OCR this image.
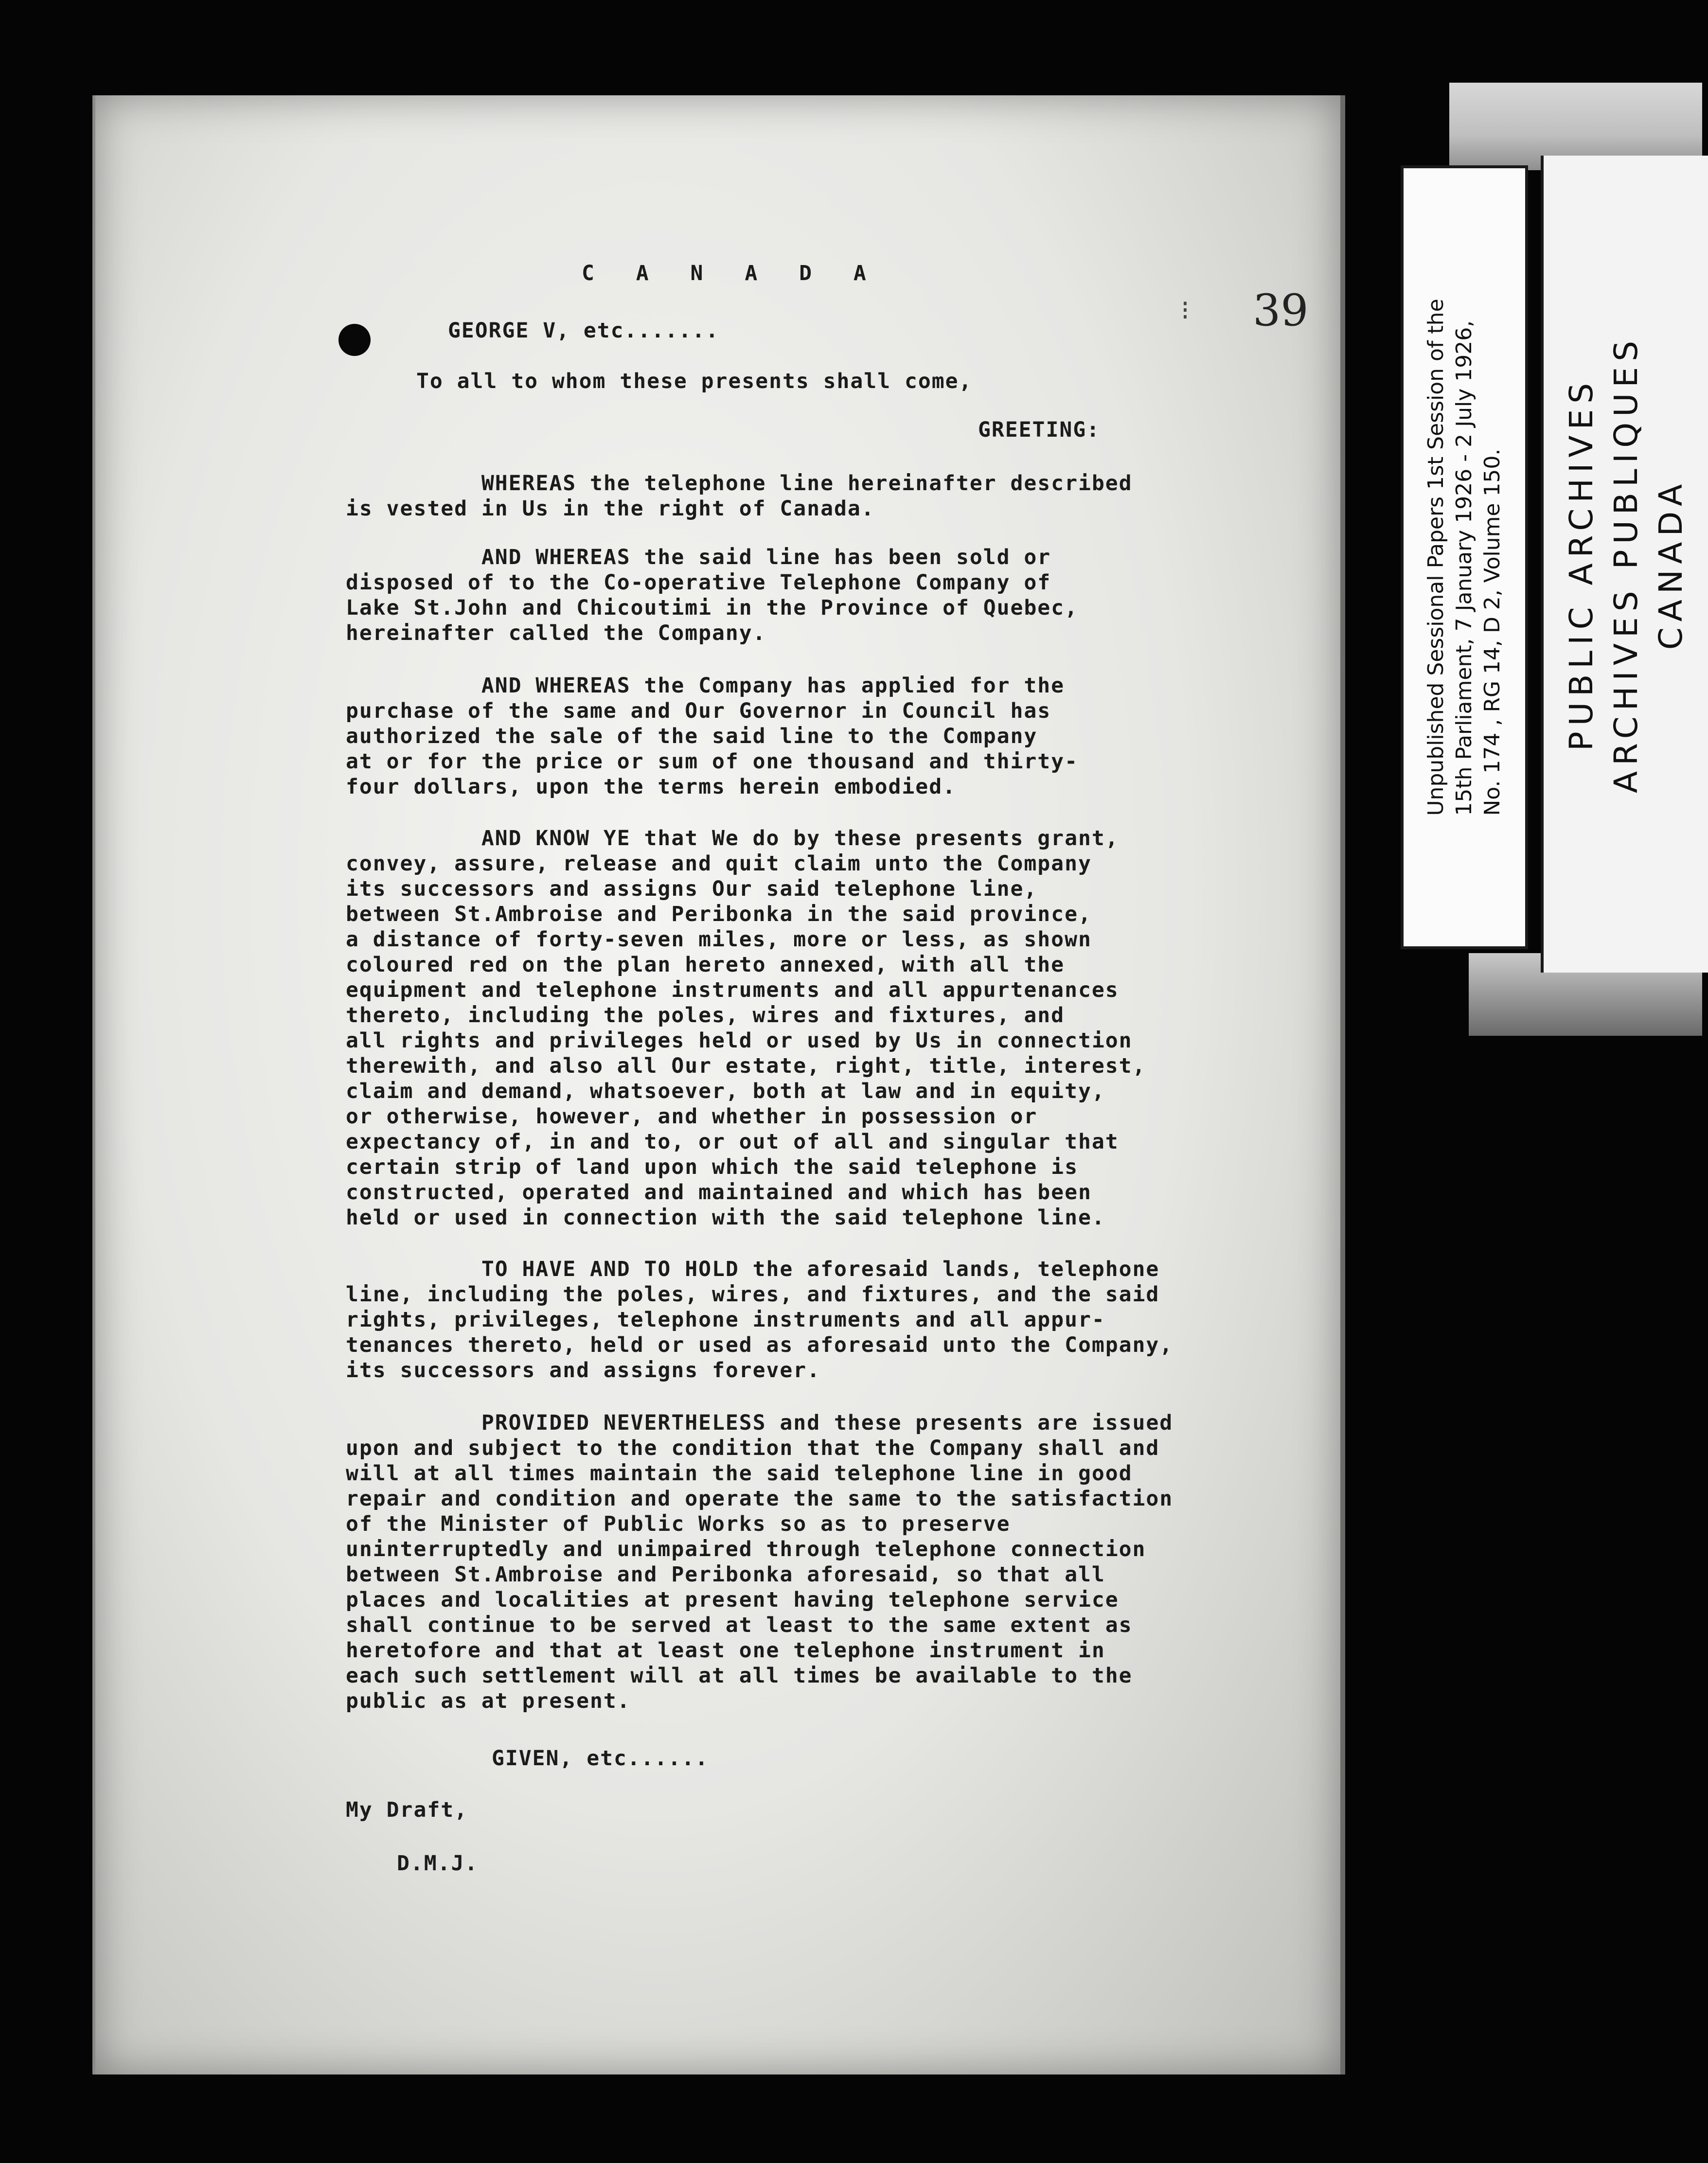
⁝ 39

C A N A D A

GEORGE V, etc.......

To all to whom these presents shall come,

GREETING:

WHEREAS the telephone line hereinafter described
is vested in Us in the right of Canada.

AND WHEREAS the said line has been sold or
disposed of to the Co-operative Telephone Company of
Lake St.John and Chicoutimi in the Province of Quebec,
hereinafter called the Company.

AND WHEREAS the Company has applied for the
purchase of the same and Our Governor in Council has
authorized the sale of the said line to the Company
at or for the price or sum of one thousand and thirty-
four dollars, upon the terms herein embodied.

AND KNOW YE that We do by these presents grant,
convey, assure, release and quit claim unto the Company
its successors and assigns Our said telephone line,
between St.Ambroise and Peribonka in the said province,
a distance of forty-seven miles, more or less, as shown
coloured red on the plan hereto annexed, with all the
equipment and telephone instruments and all appurtenances
thereto, including the poles, wires and fixtures, and
all rights and privileges held or used by Us in connection
therewith, and also all Our estate, right, title, interest,
claim and demand, whatsoever, both at law and in equity,
or otherwise, however, and whether in possession or
expectancy of, in and to, or out of all and singular that
certain strip of land upon which the said telephone is
constructed, operated and maintained and which has been
held or used in connection with the said telephone line.

TO HAVE AND TO HOLD the aforesaid lands, telephone
line, including the poles, wires, and fixtures, and the said
rights, privileges, telephone instruments and all appur-
tenances thereto, held or used as aforesaid unto the Company,
its successors and assigns forever.

PROVIDED NEVERTHELESS and these presents are issued
upon and subject to the condition that the Company shall and
will at all times maintain the said telephone line in good
repair and condition and operate the same to the satisfaction
of the Minister of Public Works so as to preserve
uninterruptedly and unimpaired through telephone connection
between St.Ambroise and Peribonka aforesaid, so that all
places and localities at present having telephone service
shall continue to be served at least to the same extent as
heretofore and that at least one telephone instrument in
each such settlement will at all times be available to the
public as at present.

GIVEN, etc......

My Draft,

D.M.J.

Unpublished Sessional Papers 1st Session of the 15th Parliament, 7 January 1926 - 2 July 1926, No. 174 , RG 14, D 2, Volume 150. PUBLIC ARCHIVES ARCHIVES PUBLIQUES CANADA
